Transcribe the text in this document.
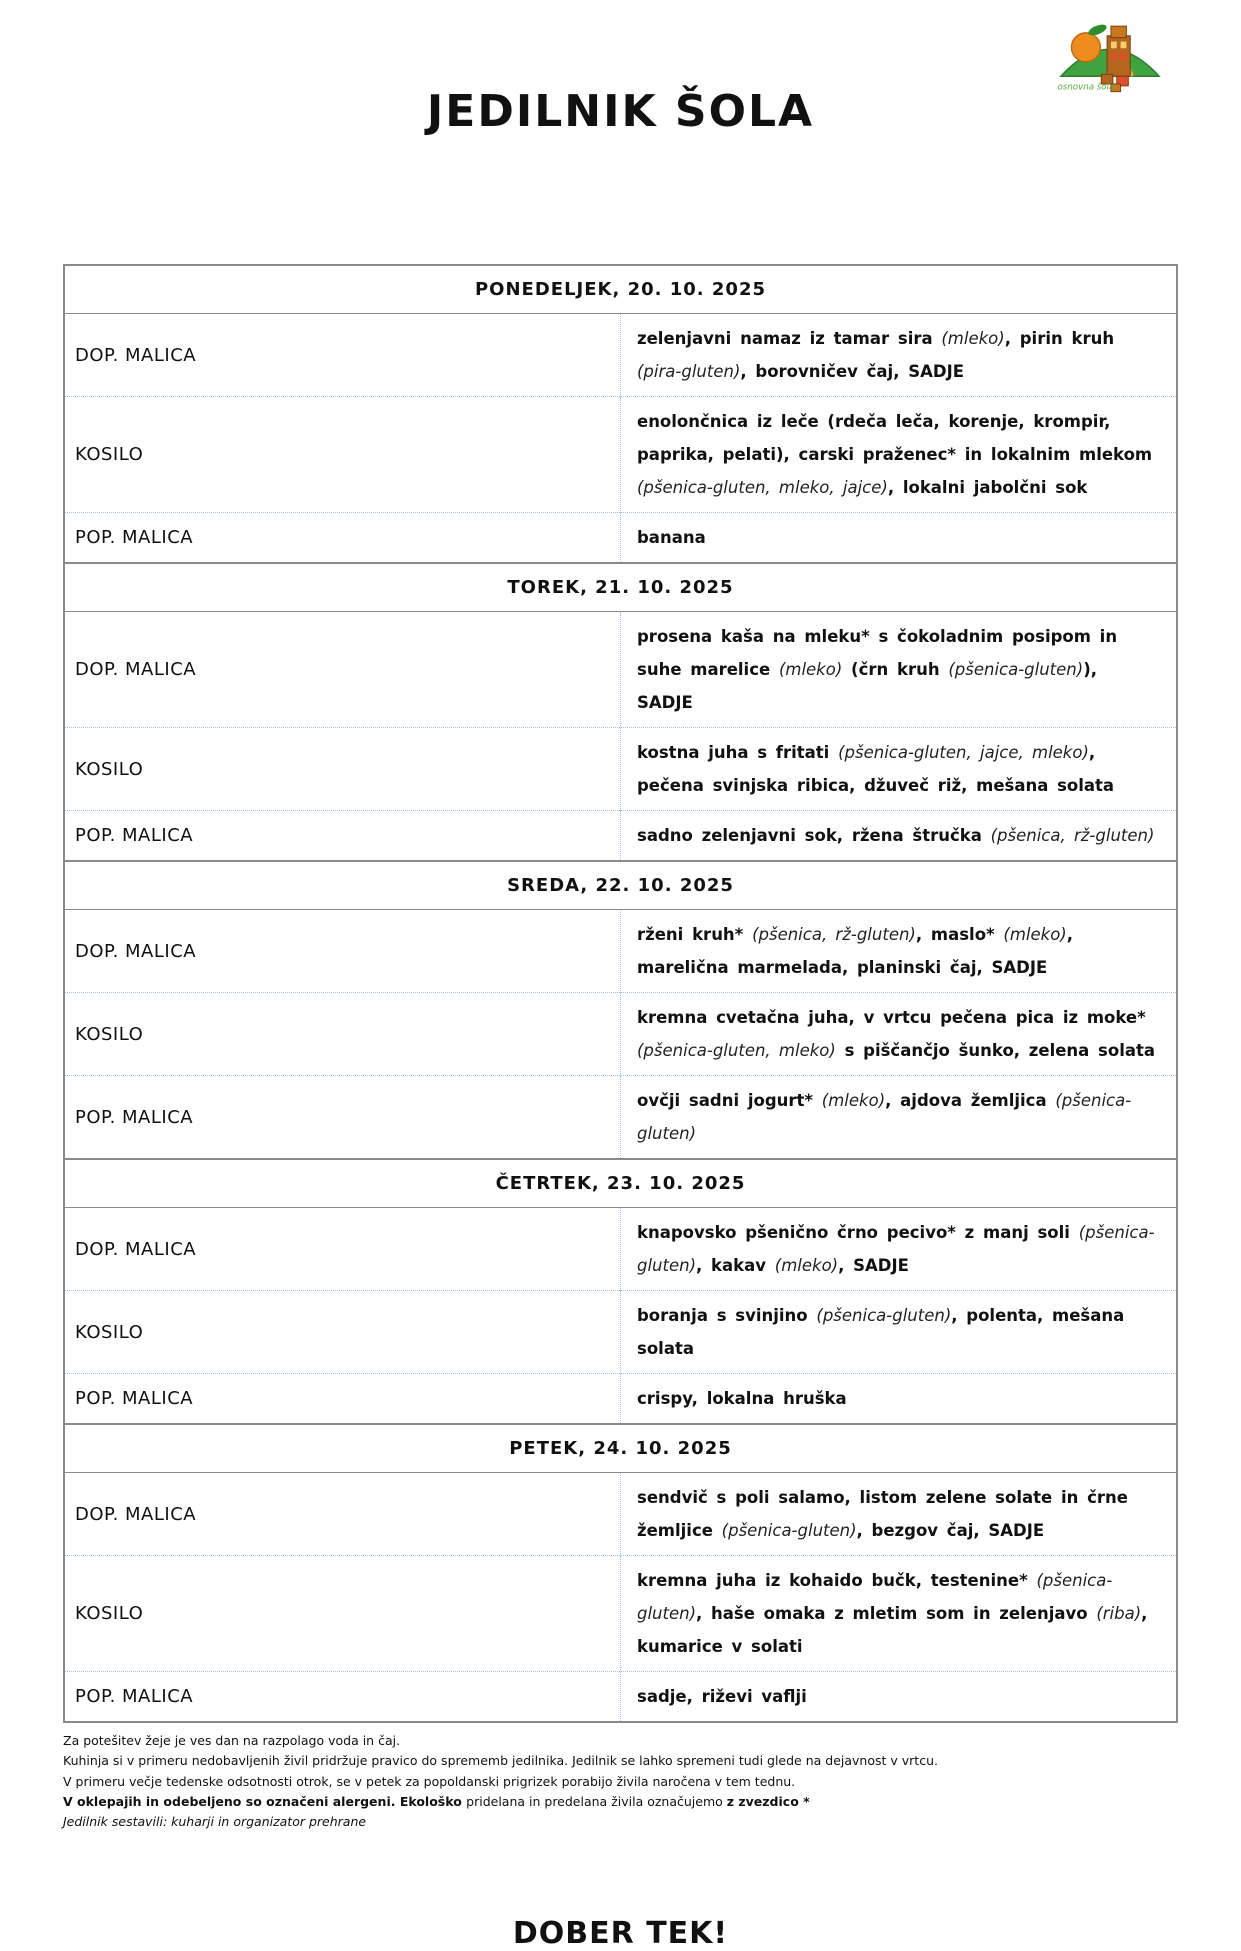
osnovna šola
JEDILNIK ŠOLA
PONEDELJEK, 20. 10. 2025	
DOP. MALICA	zelenjavni namaz iz tamar sira (mleko), pirin kruh (pira-gluten), borovničev čaj, SADJE
KOSILO	enolončnica iz leče (rdeča leča, korenje, krompir, paprika, pelati), carski praženec* in lokalnim mlekom (pšenica-gluten, mleko, jajce), lokalni jabolčni sok
POP. MALICA	banana
TOREK, 21. 10. 2025	
DOP. MALICA	prosena kaša na mleku* s čokoladnim posipom in suhe marelice (mleko) (črn kruh (pšenica-gluten)), SADJE
KOSILO	kostna juha s fritati (pšenica-gluten, jajce, mleko), pečena svinjska ribica, džuveč riž, mešana solata
POP. MALICA	sadno zelenjavni sok, ržena štručka (pšenica, rž-gluten)
SREDA, 22. 10. 2025	
DOP. MALICA	rženi kruh* (pšenica, rž-gluten), maslo* (mleko), marelična marmelada, planinski čaj, SADJE
KOSILO	kremna cvetačna juha, v vrtcu pečena pica iz moke* (pšenica-gluten, mleko) s piščančjo šunko, zelena solata
POP. MALICA	ovčji sadni jogurt* (mleko), ajdova žemljica (pšenica-gluten)
ČETRTEK, 23. 10. 2025	
DOP. MALICA	knapovsko pšenično črno pecivo* z manj soli (pšenica-gluten), kakav (mleko), SADJE
KOSILO	boranja s svinjino (pšenica-gluten), polenta, mešana solata
POP. MALICA	crispy, lokalna hruška
PETEK, 24. 10. 2025	
DOP. MALICA	sendvič s poli salamo, listom zelene solate in črne žemljice (pšenica-gluten), bezgov čaj, SADJE
KOSILO	kremna juha iz kohaido bučk, testenine* (pšenica-gluten), haše omaka z mletim som in zelenjavo (riba), kumarice v solati
POP. MALICA	sadje, riževi vaflji
Za potešitev žeje je ves dan na razpolago voda in čaj.
Kuhinja si v primeru nedobavljenih živil pridržuje pravico do sprememb jedilnika. Jedilnik se lahko spremeni tudi glede na dejavnost v vrtcu.
V primeru večje tedenske odsotnosti otrok, se v petek za popoldanski prigrizek porabijo živila naročena v tem tednu.
V oklepajih in odebeljeno so označeni alergeni. Ekološko pridelana in predelana živila označujemo z zvezdico *
Jedilnik sestavili: kuharji in organizator prehrane
DOBER TEK!
